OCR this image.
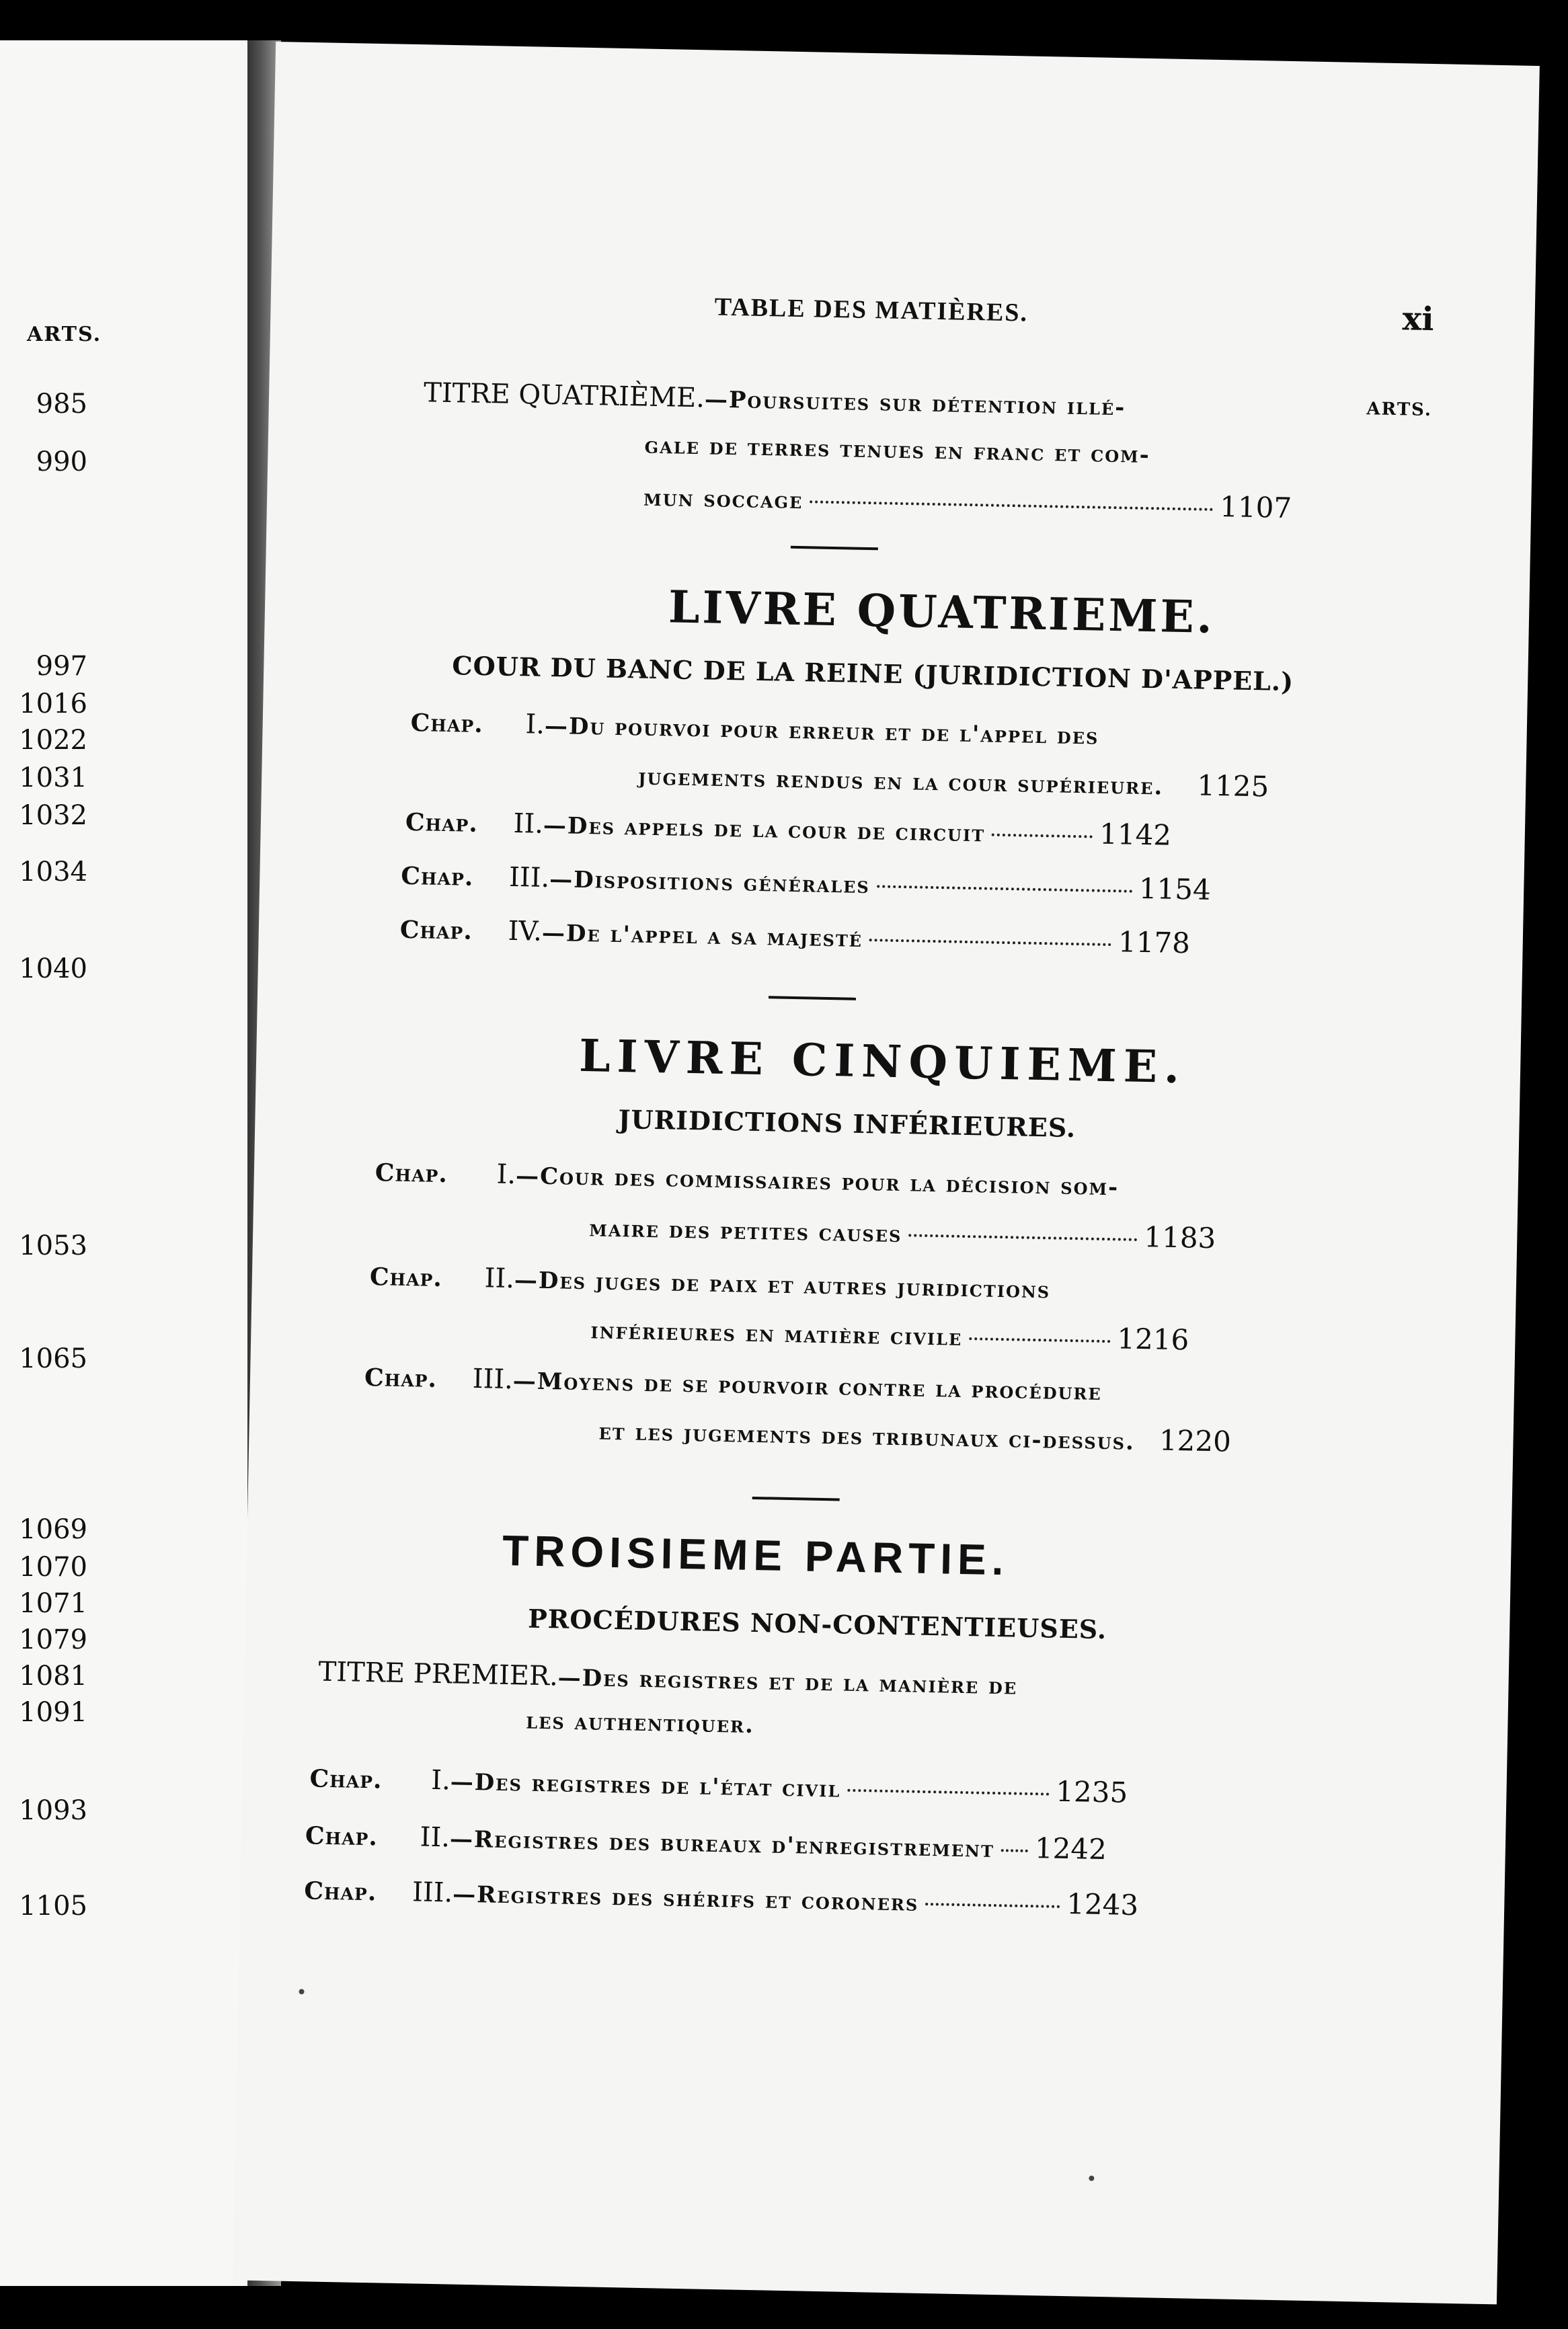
ARTS.
985
990
997
1016
1022
1031
1032
1034
1040
1053
1065
1069
1070
1071
1079
1081
1091
1093
1105
TABLE DES MATIÈRES.	xi
ARTS.
TITRE QUATRIÈME.—Poursuites sur détention illé-
gale de terres tenues en franc et com-
mun soccage	1107
LIVRE QUATRIEME.
COUR DU BANC DE LA REINE (JURIDICTION D'APPEL.)
Chap. I.—Du pourvoi pour erreur et de l'appel des
jugements rendus en la cour supérieure. 1125
Chap. II.—Des appels de la cour de circuit	1142
Chap. III.—Dispositions générales	1154
Chap. IV.—De l'appel a sa majesté	1178
LIVRE CINQUIEME.
JURIDICTIONS INFÉRIEURES.
Chap. I.—Cour des commissaires pour la décision som-
maire des petites causes	1183
Chap. II.—Des juges de paix et autres juridictions
inférieures en matière civile	1216
Chap. III.—Moyens de se pourvoir contre la procédure
et les jugements des tribunaux ci-dessus. 1220
TROISIEME PARTIE.
PROCÉDURES NON-CONTENTIEUSES.
TITRE PREMIER.—Des registres et de la manière de
les authentiquer.
Chap. I.—Des registres de l'état civil	1235
Chap. II.—Registres des bureaux d'enregistrement 1242
Chap. III.—Registres des shérifs et coroners	1243
